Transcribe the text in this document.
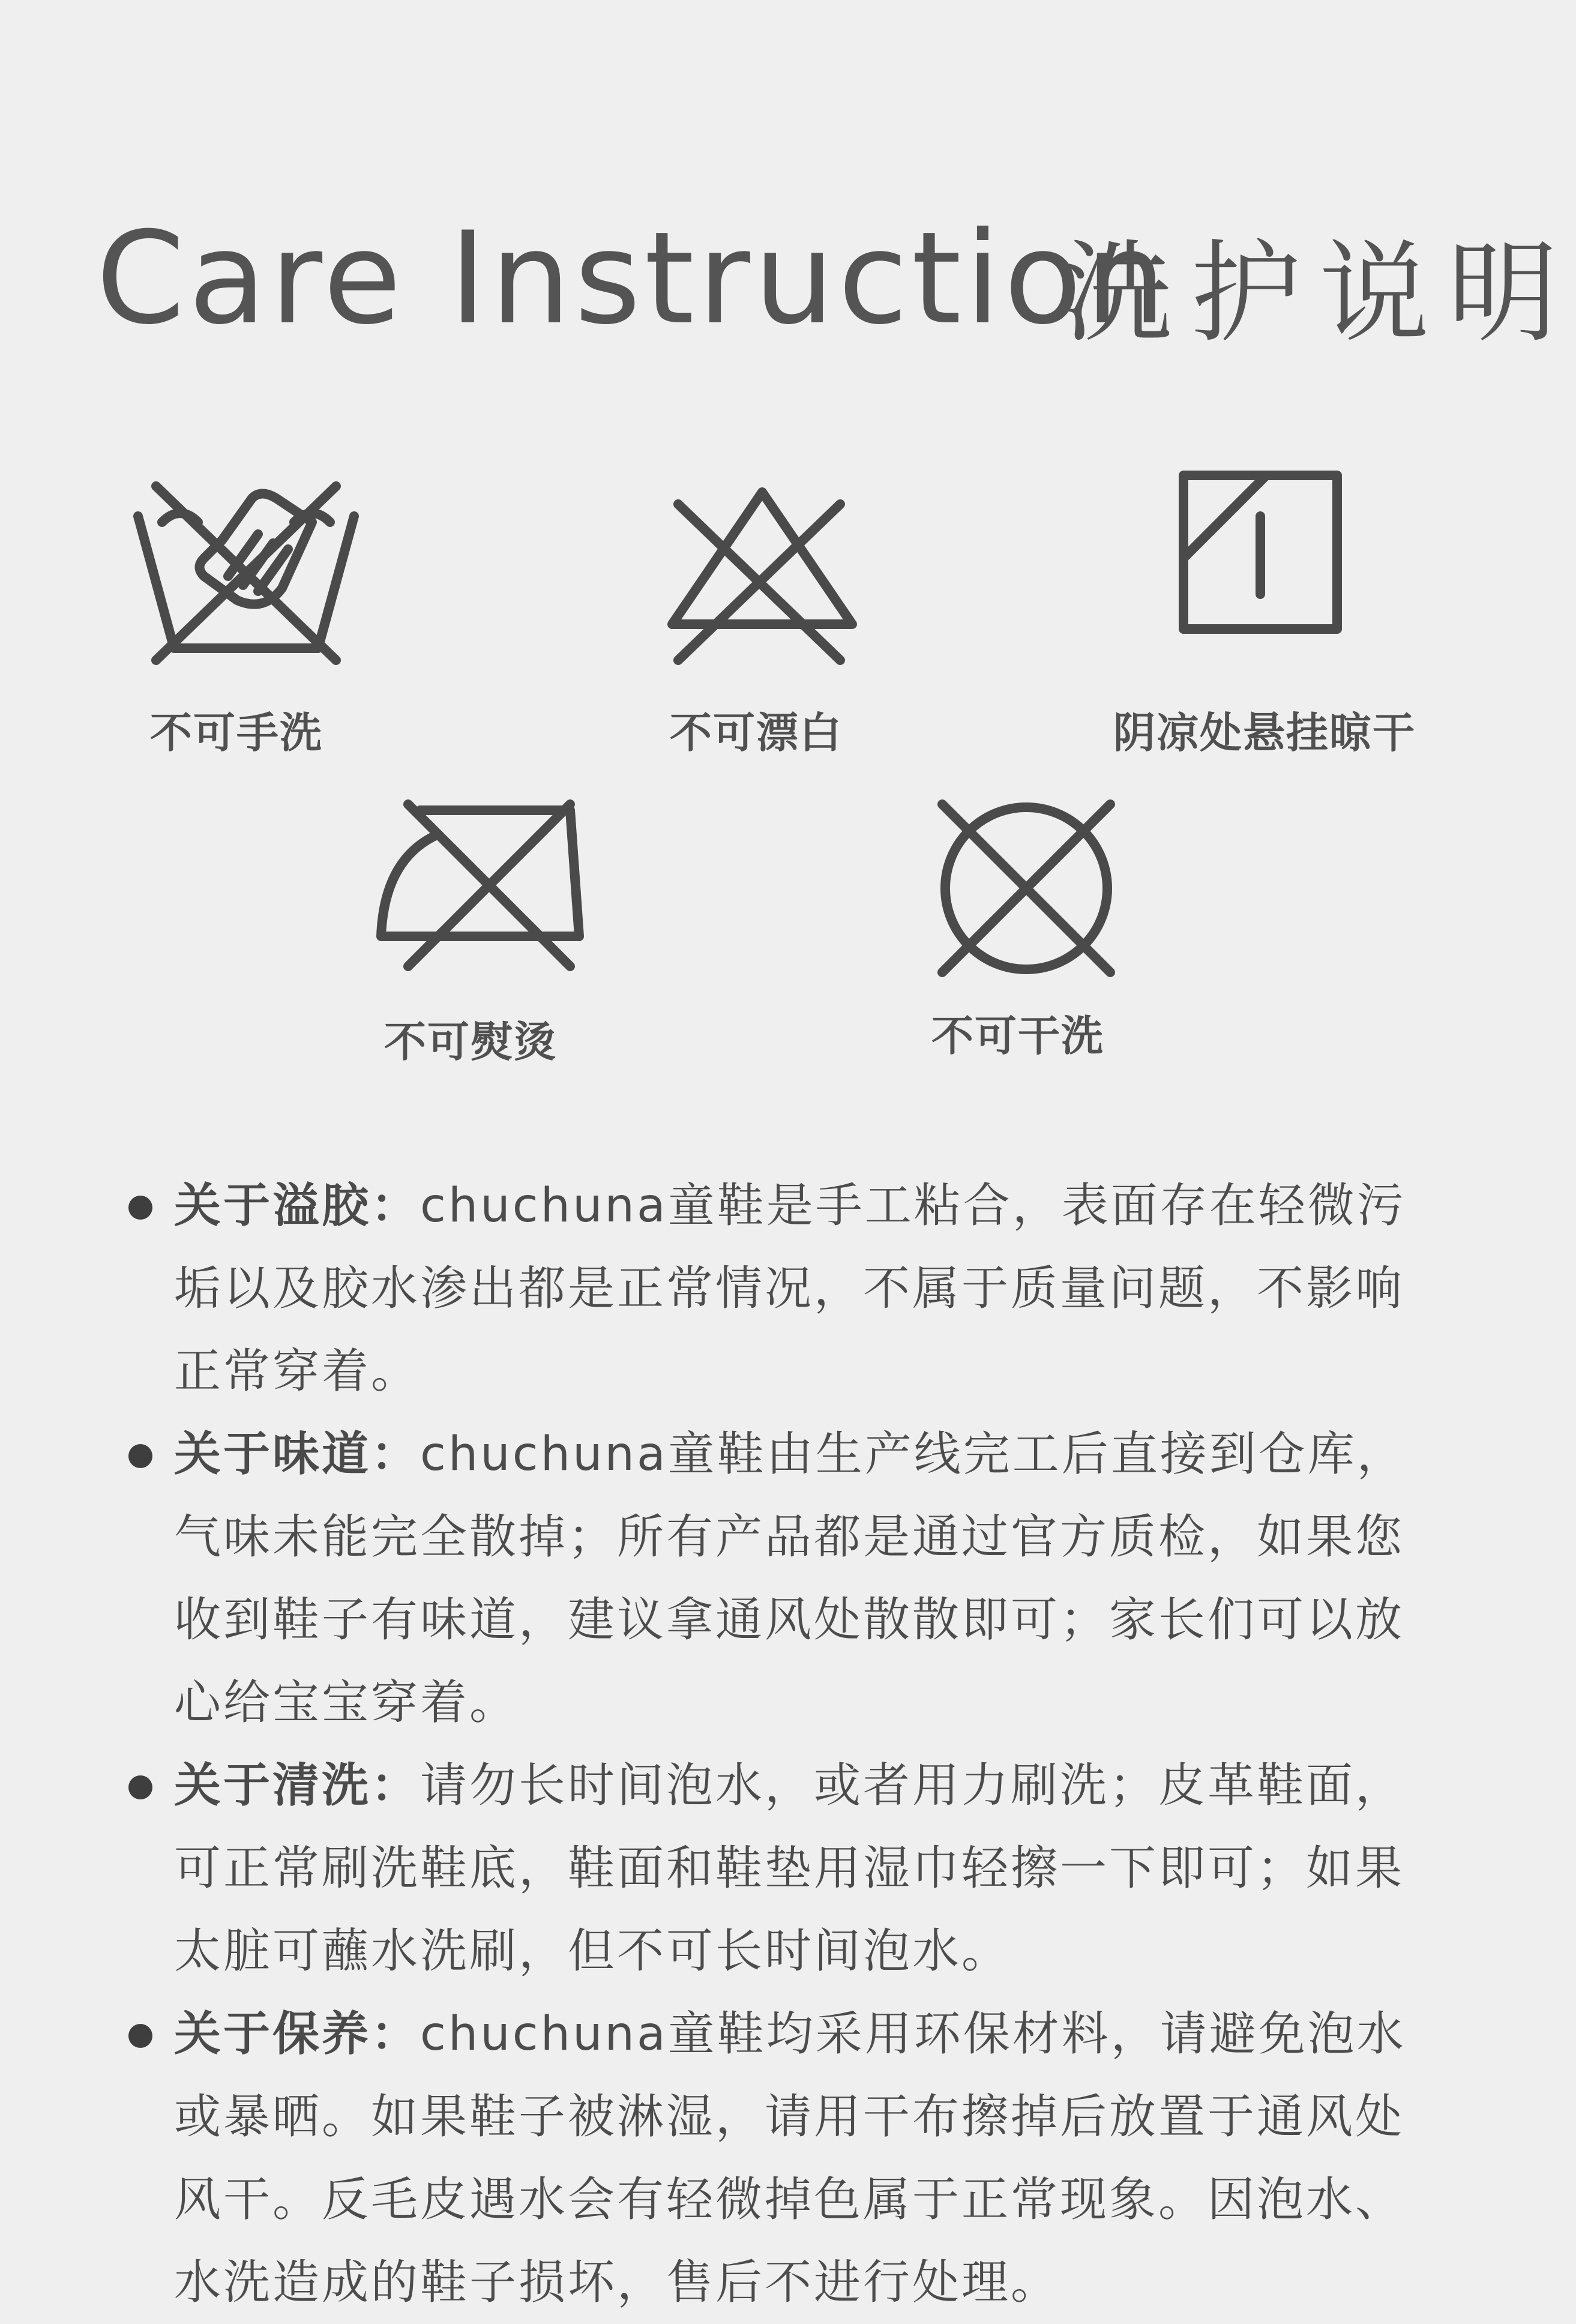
Care Instruction
洗护说明
不可手洗	不可漂白	阴凉处悬挂晾干
不可熨烫	不可干洗
关于溢胶：chuchuna童鞋是手工粘合，表面存在轻微污垢以及胶水渗出都是正常情况，不属于质量问题，不影响正常穿着。
关于味道：chuchuna童鞋由生产线完工后直接到仓库，气味未能完全散掉；所有产品都是通过官方质检，如果您收到鞋子有味道，建议拿通风处散散即可；家长们可以放心给宝宝穿着。
关于清洗：请勿长时间泡水，或者用力刷洗；皮革鞋面，可正常刷洗鞋底，鞋面和鞋垫用湿巾轻擦一下即可；如果太脏可蘸水洗刷，但不可长时间泡水。
关于保养：chuchuna童鞋均采用环保材料，请避免泡水或暴晒。如果鞋子被淋湿，请用干布擦掉后放置于通风处风干。反毛皮遇水会有轻微掉色属于正常现象。因泡水、水洗造成的鞋子损坏，售后不进行处理。
